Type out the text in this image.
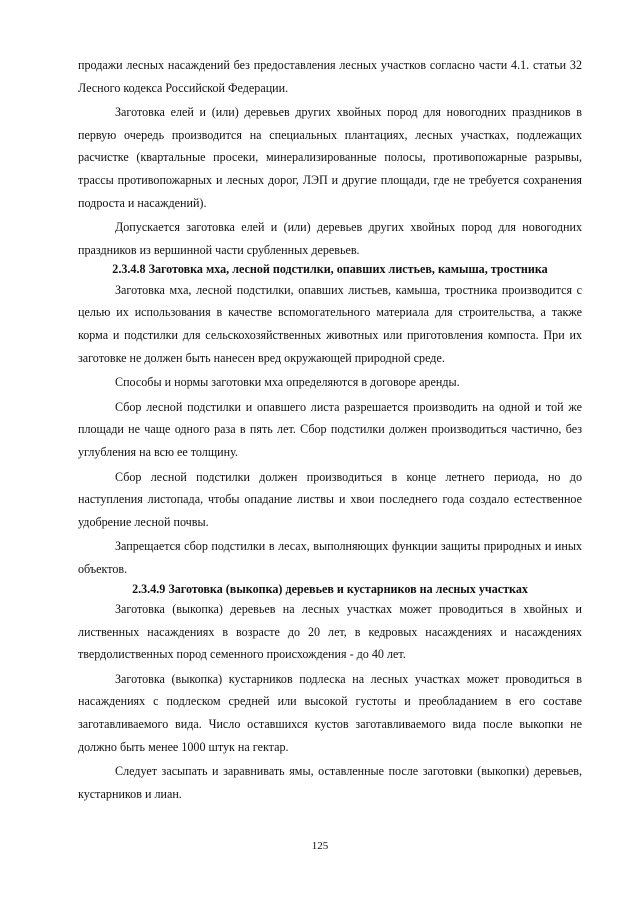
продажи лесных насаждений без предоставления лесных участков согласно части 4.1. статьи 32 Лесного кодекса Российской Федерации.

Заготовка елей и (или) деревьев других хвойных пород для новогодних праздников в первую очередь производится на специальных плантациях, лесных участках, подлежащих расчистке (квартальные просеки, минерализированные полосы, противопожарные разрывы, трассы противопожарных и лесных дорог, ЛЭП и другие площади, где не требуется сохранения подроста и насаждений).

Допускается заготовка елей и (или) деревьев других хвойных пород для новогодних праздников из вершинной части срубленных деревьев.

2.3.4.8 Заготовка мха, лесной подстилки, опавших листьев, камыша, тростника

Заготовка мха, лесной подстилки, опавших листьев, камыша, тростника производится с целью их использования в качестве вспомогательного материала для строительства, а также корма и подстилки для сельскохозяйственных животных или приготовления компоста. При их заготовке не должен быть нанесен вред окружающей природной среде.

Способы и нормы заготовки мха определяются в договоре аренды.

Сбор лесной подстилки и опавшего листа разрешается производить на одной и той же площади не чаще одного раза в пять лет. Сбор подстилки должен производиться частично, без углубления на всю ее толщину.

Сбор лесной подстилки должен производиться в конце летнего периода, но до наступления листопада, чтобы опадание листвы и хвои последнего года создало естественное удобрение лесной почвы.

Запрещается сбор подстилки в лесах, выполняющих функции защиты природных и иных объектов.

2.3.4.9 Заготовка (выкопка) деревьев и кустарников на лесных участках

Заготовка (выкопка) деревьев на лесных участках может проводиться в хвойных и лиственных насаждениях в возрасте до 20 лет, в кедровых насаждениях и насаждениях твердолиственных пород семенного происхождения - до 40 лет.

Заготовка (выкопка) кустарников подлеска на лесных участках может проводиться в насаждениях с подлеском средней или высокой густоты и преобладанием в его составе заготавливаемого вида. Число оставшихся кустов заготавливаемого вида после выкопки не должно быть менее 1000 штук на гектар.

Следует засыпать и заравнивать ямы, оставленные после заготовки (выкопки) деревьев, кустарников и лиан.

125
